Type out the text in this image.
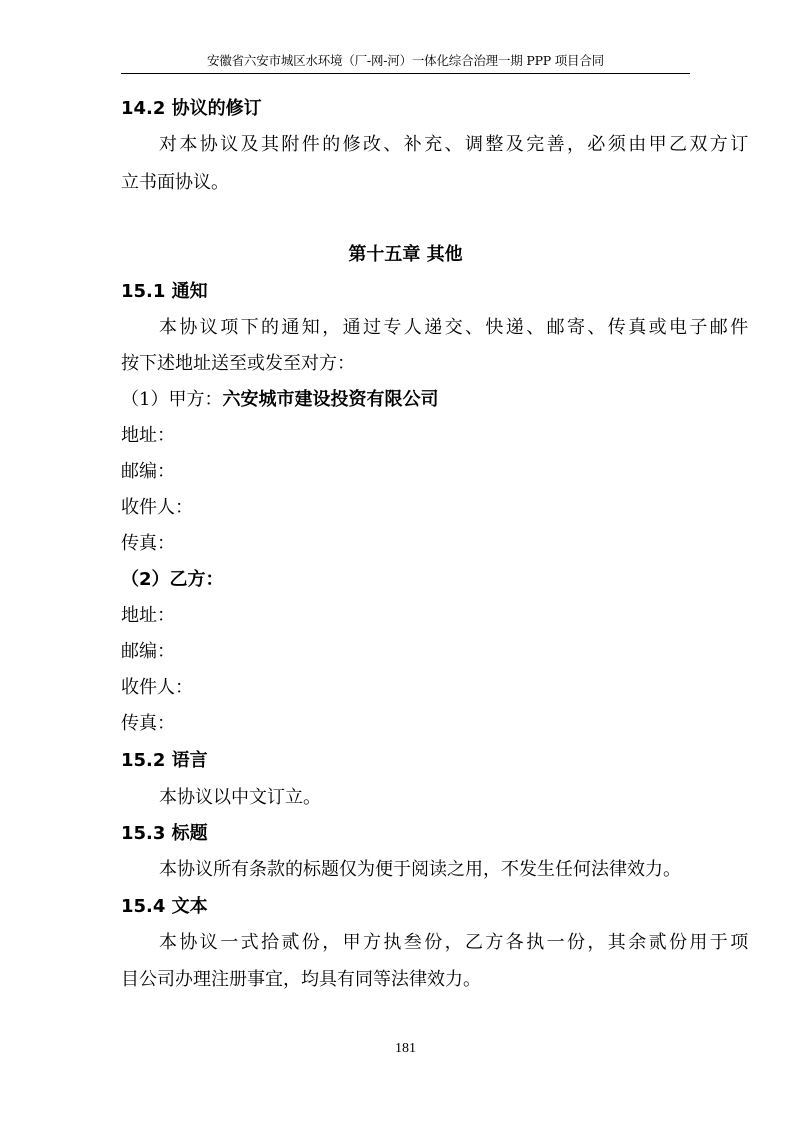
安徽省六安市城区水环境（厂-网-河）一体化综合治理一期 PPP 项目合同
14.2 协议的修订
对本协议及其附件的修改、补充、调整及完善，必须由甲乙双方订
立书面协议。
第十五章 其他
15.1 通知
本协议项下的通知，通过专人递交、快递、邮寄、传真或电子邮件
按下述地址送至或发至对方：
（1）甲方：六安城市建设投资有限公司
地址：
邮编：
收件人：
传真：
（2）乙方：
地址：
邮编：
收件人：
传真：
15.2 语言
本协议以中文订立。
15.3 标题
本协议所有条款的标题仅为便于阅读之用，不发生任何法律效力。
15.4 文本
本协议一式拾贰份，甲方执叁份，乙方各执一份，其余贰份用于项
目公司办理注册事宜，均具有同等法律效力。
181
